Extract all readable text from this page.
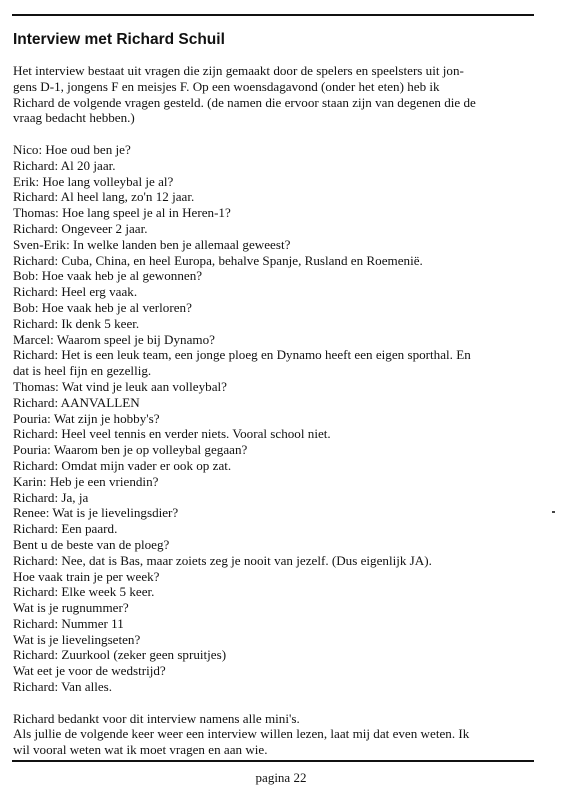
Interview met Richard Schuil

Het interview bestaat uit vragen die zijn gemaakt door de spelers en speelsters uit jon-

gens D-1, jongens F en meisjes F. Op een woensdagavond (onder het eten) heb ik

Richard de volgende vragen gesteld. (de namen die ervoor staan zijn van degenen die de

vraag bedacht hebben.)

Nico: Hoe oud ben je?

Richard: Al 20 jaar.

Erik: Hoe lang volleybal je al?

Richard: Al heel lang, zo'n 12 jaar.

Thomas: Hoe lang speel je al in Heren-1?

Richard: Ongeveer 2 jaar.

Sven-Erik: In welke landen ben je allemaal geweest?

Richard: Cuba, China, en heel Europa, behalve Spanje, Rusland en Roemenië.

Bob: Hoe vaak heb je al gewonnen?

Richard: Heel erg vaak.

Bob: Hoe vaak heb je al verloren?

Richard: Ik denk 5 keer.

Marcel: Waarom speel je bij Dynamo?

Richard: Het is een leuk team, een jonge ploeg en Dynamo heeft een eigen sporthal. En

dat is heel fijn en gezellig.

Thomas: Wat vind je leuk aan volleybal?

Richard: AANVALLEN

Pouria: Wat zijn je hobby's?

Richard: Heel veel tennis en verder niets. Vooral school niet.

Pouria: Waarom ben je op volleybal gegaan?

Richard: Omdat mijn vader er ook op zat.

Karin: Heb je een vriendin?

Richard: Ja, ja

Renee: Wat is je lievelingsdier?

Richard: Een paard.

Bent u de beste van de ploeg?

Richard: Nee, dat is Bas, maar zoiets zeg je nooit van jezelf. (Dus eigenlijk JA).

Hoe vaak train je per week?

Richard: Elke week 5 keer.

Wat is je rugnummer?

Richard: Nummer 11

Wat is je lievelingseten?

Richard: Zuurkool (zeker geen spruitjes)

Wat eet je voor de wedstrijd?

Richard: Van alles.

Richard bedankt voor dit interview namens alle mini's.

Als jullie de volgende keer weer een interview willen lezen, laat mij dat even weten. Ik

wil vooral weten wat ik moet vragen en aan wie.

pagina 22
